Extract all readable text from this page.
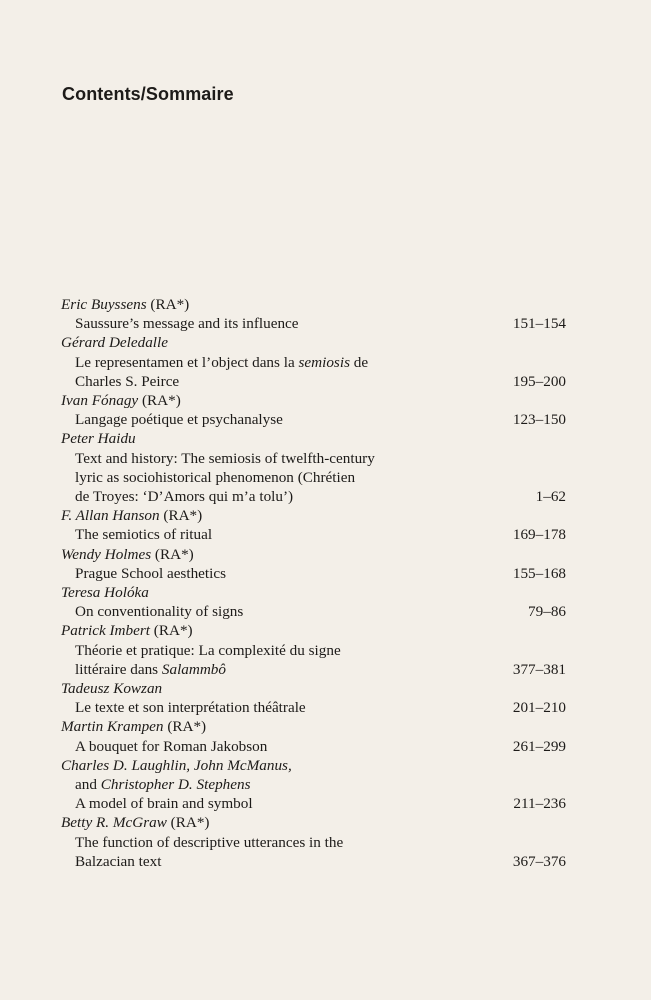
Contents/Sommaire
Eric Buyssens (RA*)
Saussure’s message and its influence	151–154
Gérard Deledalle
Le representamen et l’object dans la semiosis de
Charles S. Peirce	195–200
Ivan Fónagy (RA*)
Langage poétique et psychanalyse	123–150
Peter Haidu
Text and history: The semiosis of twelfth-century
lyric as sociohistorical phenomenon (Chrétien
de Troyes: ‘D’Amors qui m’a tolu’)	1–62
F. Allan Hanson (RA*)
The semiotics of ritual	169–178
Wendy Holmes (RA*)
Prague School aesthetics	155–168
Teresa Holóka
On conventionality of signs	79–86
Patrick Imbert (RA*)
Théorie et pratique: La complexité du signe
littéraire dans Salammbô	377–381
Tadeusz Kowzan
Le texte et son interprétation théâtrale	201–210
Martin Krampen (RA*)
A bouquet for Roman Jakobson	261–299
Charles D. Laughlin, John McManus,
and Christopher D. Stephens
A model of brain and symbol	211–236
Betty R. McGraw (RA*)
The function of descriptive utterances in the
Balzacian text	367–376
